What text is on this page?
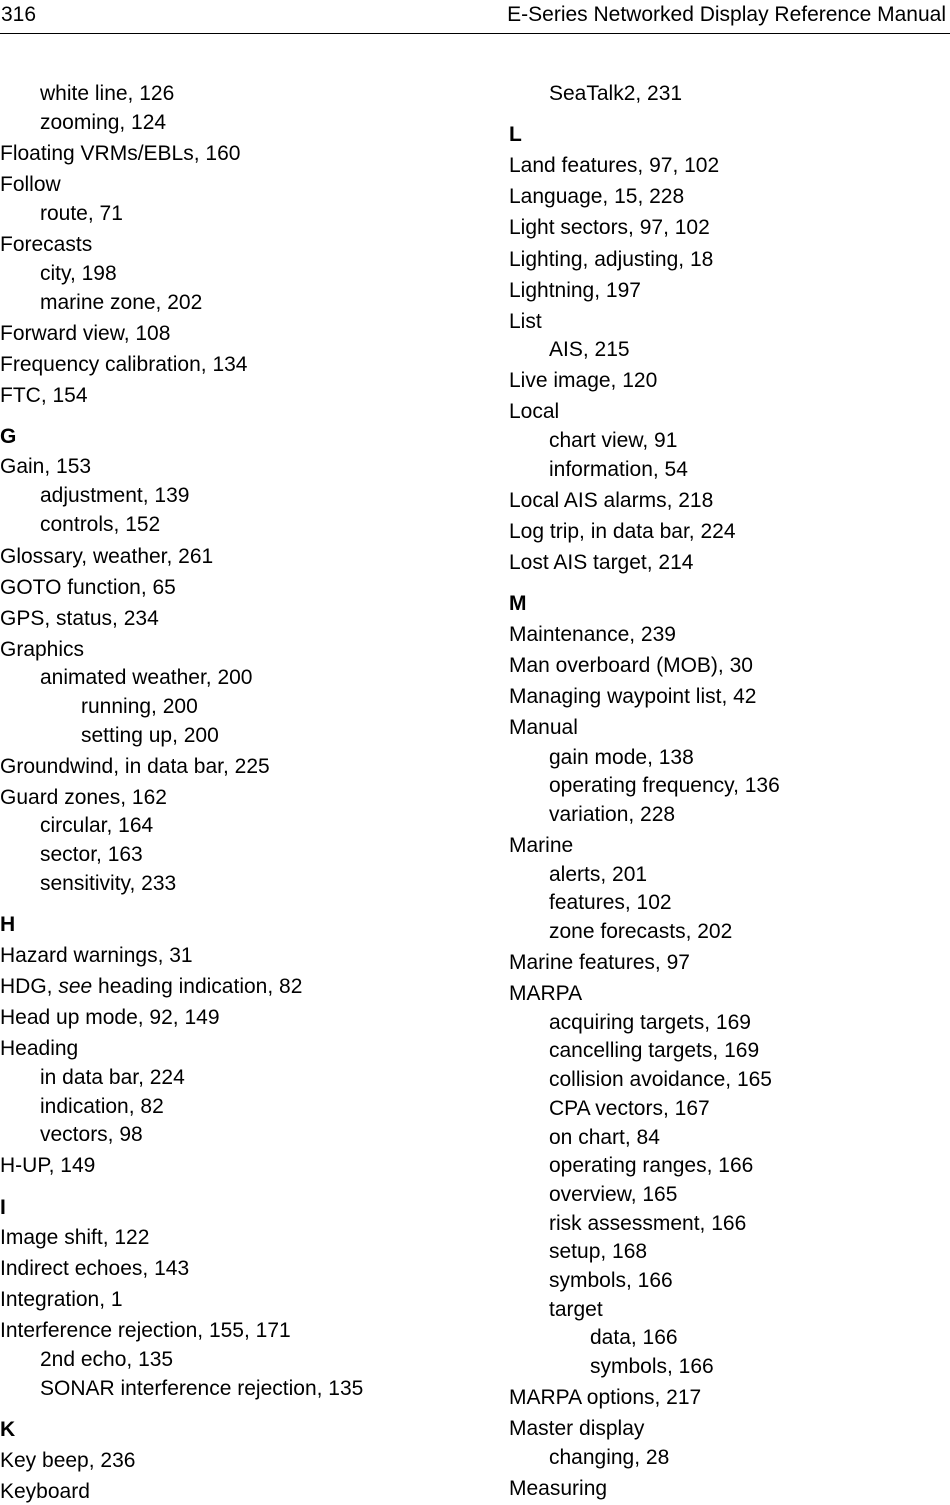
316	E-Series Networked Display Reference Manual
white line, 126
zooming, 124
Floating VRMs/EBLs, 160
Follow
route, 71
Forecasts
city, 198
marine zone, 202
Forward view, 108
Frequency calibration, 134
FTC, 154
G
Gain, 153
adjustment, 139
controls, 152
Glossary, weather, 261
GOTO function, 65
GPS, status, 234
Graphics
animated weather, 200
running, 200
setting up, 200
Groundwind, in data bar, 225
Guard zones, 162
circular, 164
sector, 163
sensitivity, 233
H
Hazard warnings, 31
HDG, see heading indication, 82
Head up mode, 92, 149
Heading
in data bar, 224
indication, 82
vectors, 98
H-UP, 149
I
Image shift, 122
Indirect echoes, 143
Integration, 1
Interference rejection, 155, 171
2nd echo, 135
SONAR interference rejection, 135
K
Key beep, 236
Keyboard
SeaTalk2, 231
L
Land features, 97, 102
Language, 15, 228
Light sectors, 97, 102
Lighting, adjusting, 18
Lightning, 197
List
AIS, 215
Live image, 120
Local
chart view, 91
information, 54
Local AIS alarms, 218
Log trip, in data bar, 224
Lost AIS target, 214
M
Maintenance, 239
Man overboard (MOB), 30
Managing waypoint list, 42
Manual
gain mode, 138
operating frequency, 136
variation, 228
Marine
alerts, 201
features, 102
zone forecasts, 202
Marine features, 97
MARPA
acquiring targets, 169
cancelling targets, 169
collision avoidance, 165
CPA vectors, 167
on chart, 84
operating ranges, 166
overview, 165
risk assessment, 166
setup, 168
symbols, 166
target
data, 166
symbols, 166
MARPA options, 217
Master display
changing, 28
Measuring
